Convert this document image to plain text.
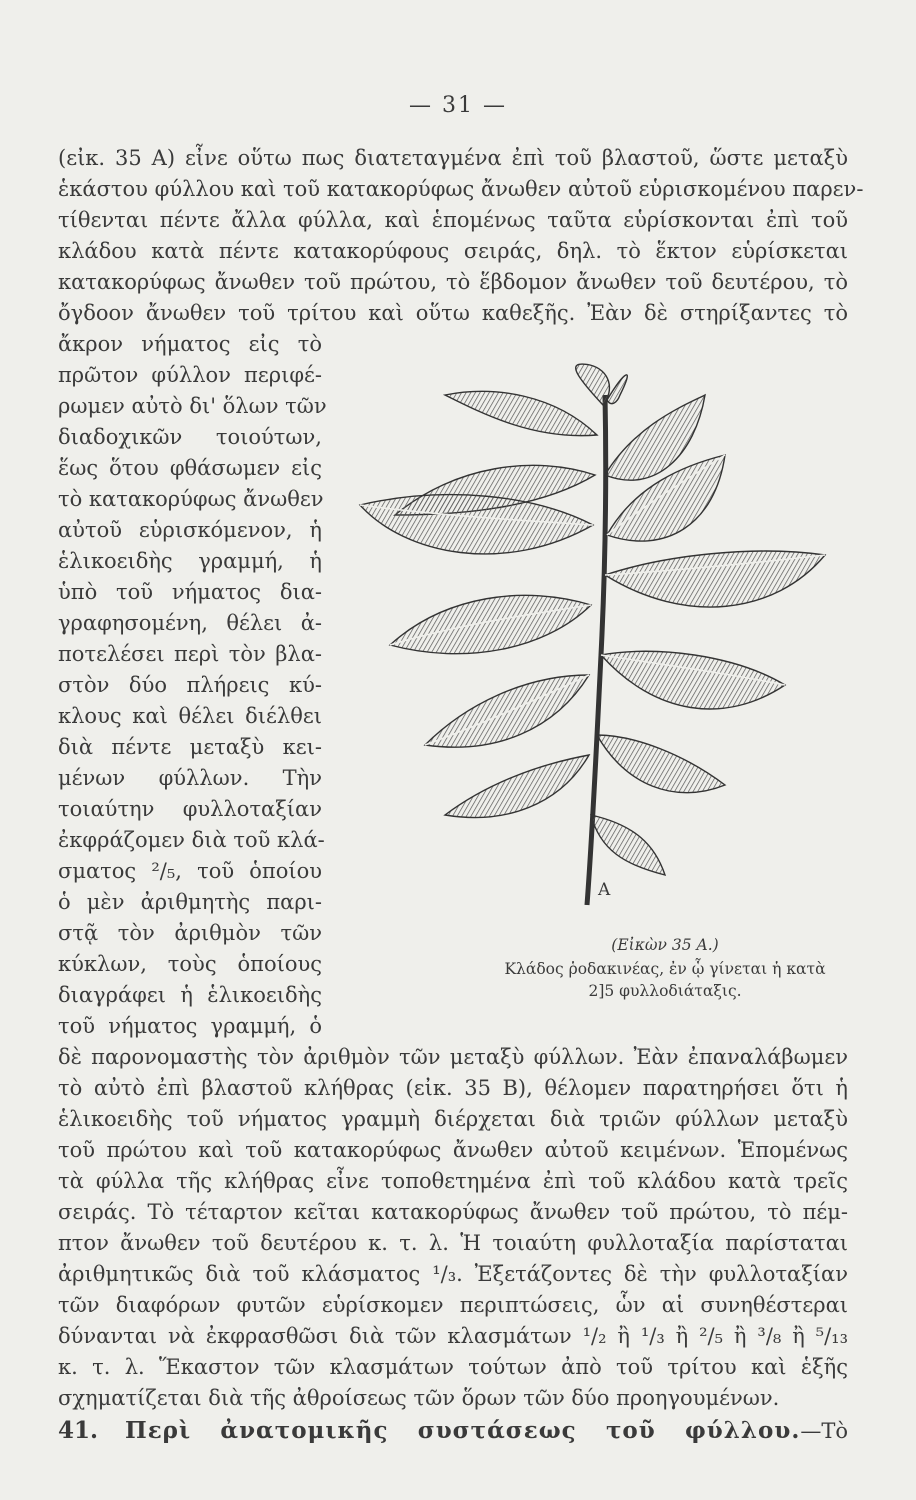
— 31 —
(εἰκ. 35 Α) εἶνε οὕτω πως διατεταγμένα ἐπὶ τοῦ βλαστοῦ, ὥστε μεταξὺ
ἑκάστου φύλλου καὶ τοῦ κατακορύφως ἄνωθεν αὐτοῦ εὑρισκομένου παρεν-
τίθενται πέντε ἄλλα φύλλα, καὶ ἑπομένως ταῦτα εὑρίσκονται ἐπὶ τοῦ
κλάδου κατὰ πέντε κατακορύφους σειράς, δηλ. τὸ ἕκτον εὑρίσκεται
κατακορύφως ἄνωθεν τοῦ πρώτου, τὸ ἕβδομον ἄνωθεν τοῦ δευτέρου, τὸ
ὄγδοον ἄνωθεν τοῦ τρίτου καὶ οὕτω καθεξῆς. Ἐὰν δὲ στηρίξαντες τὸ
ἄκρον νήματος εἰς τὸ
πρῶτον φύλλον περιφέ-
ρωμεν αὐτὸ δι' ὅλων τῶν
διαδοχικῶν τοιούτων,
ἕως ὅτου φθάσωμεν εἰς
τὸ κατακορύφως ἄνωθεν
αὐτοῦ εὑρισκόμενον, ἡ
ἑλικοειδὴς γραμμή, ἡ
ὑπὸ τοῦ νήματος δια-
γραφησομένη, θέλει ἀ-
ποτελέσει περὶ τὸν βλα-
στὸν δύο πλήρεις κύ-
κλους καὶ θέλει διέλθει
διὰ πέντε μεταξὺ κει-
μένων φύλλων. Τὴν
τοιαύτην φυλλοταξίαν
ἐκφράζομεν διὰ τοῦ κλά-
σματος ²/₅, τοῦ ὁποίου
ὁ μὲν ἀριθμητὴς παρι-
στᾷ τὸν ἀριθμὸν τῶν
κύκλων, τοὺς ὁποίους
διαγράφει ἡ ἑλικοειδὴς
τοῦ νήματος γραμμή, ὁ
A
(Εἰκὼν 35 Α.)
Κλάδος ῥοδακινέας, ἐν ᾧ γίνεται ἡ κατὰ
2]5 φυλλοδιάταξις.
δὲ παρονομαστὴς τὸν ἀριθμὸν τῶν μεταξὺ φύλλων. Ἐὰν ἐπαναλάβωμεν
τὸ αὐτὸ ἐπὶ βλαστοῦ κλήθρας (εἰκ. 35 Β), θέλομεν παρατηρήσει ὅτι ἡ
ἑλικοειδὴς τοῦ νήματος γραμμὴ διέρχεται διὰ τριῶν φύλλων μεταξὺ
τοῦ πρώτου καὶ τοῦ κατακορύφως ἄνωθεν αὐτοῦ κειμένων. Ἑπομένως
τὰ φύλλα τῆς κλήθρας εἶνε τοποθετημένα ἐπὶ τοῦ κλάδου κατὰ τρεῖς
σειράς. Τὸ τέταρτον κεῖται κατακορύφως ἄνωθεν τοῦ πρώτου, τὸ πέμ-
πτον ἄνωθεν τοῦ δευτέρου κ. τ. λ. Ἡ τοιαύτη φυλλοταξία παρίσταται
ἀριθμητικῶς διὰ τοῦ κλάσματος ¹/₃. Ἐξετάζοντες δὲ τὴν φυλλοταξίαν
τῶν διαφόρων φυτῶν εὑρίσκομεν περιπτώσεις, ὧν αἱ συνηθέστεραι
δύνανται νὰ ἐκφρασθῶσι διὰ τῶν κλασμάτων ¹/₂ ἢ ¹/₃ ἢ ²/₅ ἢ ³/₈ ἢ ⁵/₁₃
κ. τ. λ. Ἕκαστον τῶν κλασμάτων τούτων ἀπὸ τοῦ τρίτου καὶ ἑξῆς
σχηματίζεται διὰ τῆς ἀθροίσεως τῶν ὅρων τῶν δύο προηγουμένων.
41. Περὶ ἀνατομικῆς συστάσεως τοῦ φύλλου.—Τὸ
